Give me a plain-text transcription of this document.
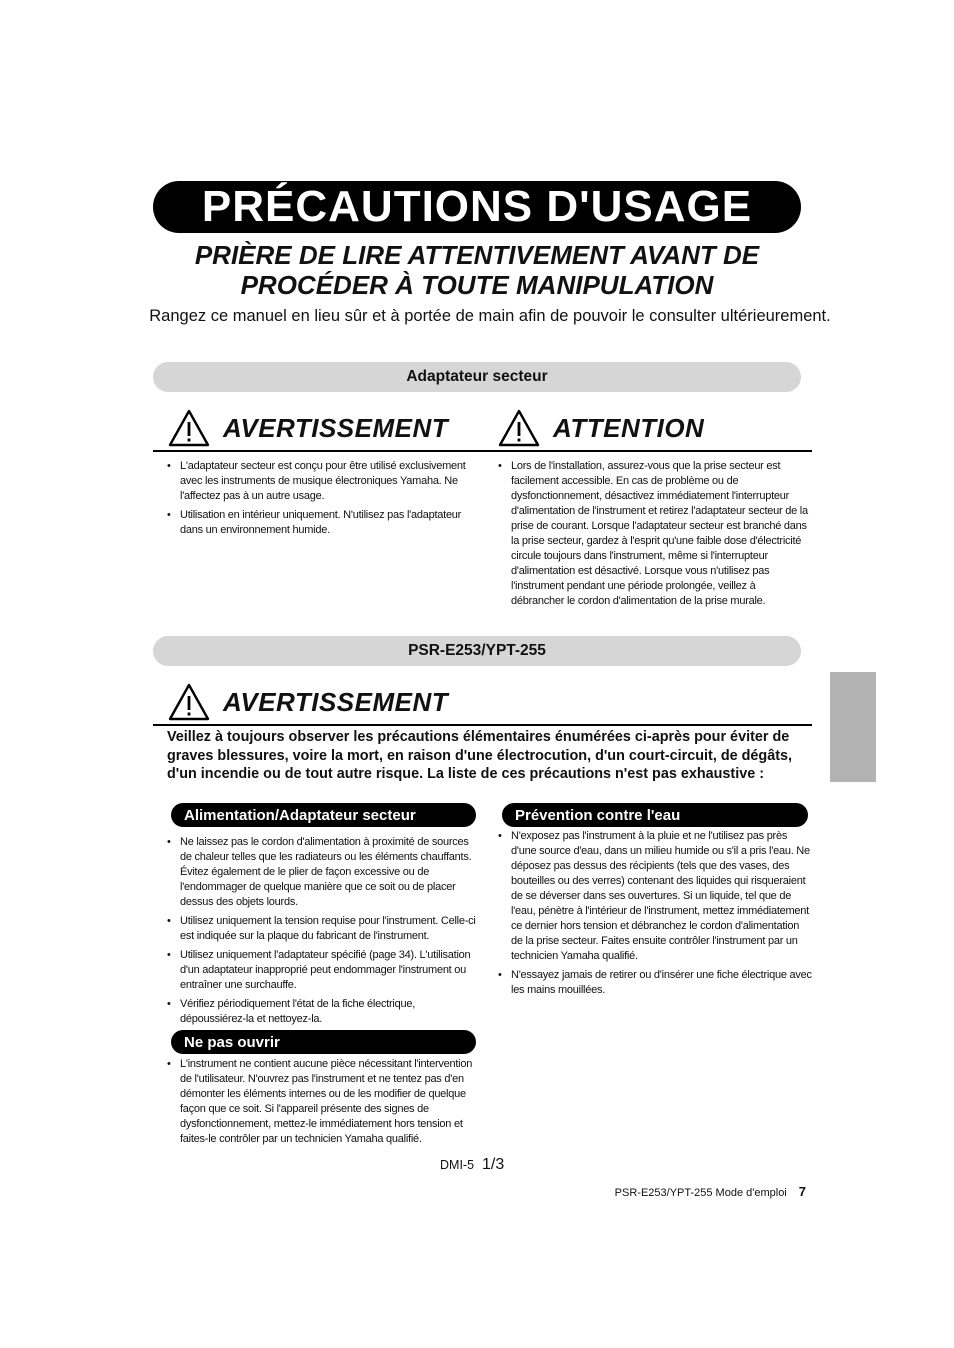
PRÉCAUTIONS D'USAGE
PRIÈRE DE LIRE ATTENTIVEMENT AVANT DE PROCÉDER À TOUTE MANIPULATION
Rangez ce manuel en lieu sûr et à portée de main afin de pouvoir le consulter ultérieurement.
Adaptateur secteur
AVERTISSEMENT	ATTENTION
• L'adaptateur secteur est conçu pour être utilisé exclusivement avec les instruments de musique électroniques Yamaha. Ne l'affectez pas à un autre usage.
• Utilisation en intérieur uniquement. N'utilisez pas l'adaptateur dans un environnement humide.
• Lors de l'installation, assurez-vous que la prise secteur est facilement accessible. En cas de problème ou de dysfonctionnement, désactivez immédiatement l'interrupteur d'alimentation de l'instrument et retirez l'adaptateur secteur de la prise de courant. Lorsque l'adaptateur secteur est branché dans la prise secteur, gardez à l'esprit qu'une faible dose d'électricité circule toujours dans l'instrument, même si l'interrupteur d'alimentation est désactivé. Lorsque vous n'utilisez pas l'instrument pendant une période prolongée, veillez à débrancher le cordon d'alimentation de la prise murale.
PSR-E253/YPT-255
AVERTISSEMENT
Veillez à toujours observer les précautions élémentaires énumérées ci-après pour éviter de graves blessures, voire la mort, en raison d'une électrocution, d'un court-circuit, de dégâts, d'un incendie ou de tout autre risque. La liste de ces précautions n'est pas exhaustive :
Alimentation/Adaptateur secteur
• Ne laissez pas le cordon d'alimentation à proximité de sources de chaleur telles que les radiateurs ou les éléments chauffants. Évitez également de le plier de façon excessive ou de l'endommager de quelque manière que ce soit ou de placer dessus des objets lourds.
• Utilisez uniquement la tension requise pour l'instrument. Celle-ci est indiquée sur la plaque du fabricant de l'instrument.
• Utilisez uniquement l'adaptateur spécifié (page 34). L'utilisation d'un adaptateur inapproprié peut endommager l'instrument ou entraîner une surchauffe.
• Vérifiez périodiquement l'état de la fiche électrique, dépoussiérez-la et nettoyez-la.
Ne pas ouvrir
• L'instrument ne contient aucune pièce nécessitant l'intervention de l'utilisateur. N'ouvrez pas l'instrument et ne tentez pas d'en démonter les éléments internes ou de les modifier de quelque façon que ce soit. Si l'appareil présente des signes de dysfonctionnement, mettez-le immédiatement hors tension et faites-le contrôler par un technicien Yamaha qualifié.
Prévention contre l'eau
• N'exposez pas l'instrument à la pluie et ne l'utilisez pas près d'une source d'eau, dans un milieu humide ou s'il a pris l'eau. Ne déposez pas dessus des récipients (tels que des vases, des bouteilles ou des verres) contenant des liquides qui risqueraient de se déverser dans ses ouvertures. Si un liquide, tel que de l'eau, pénètre à l'intérieur de l'instrument, mettez immédiatement ce dernier hors tension et débranchez le cordon d'alimentation de la prise secteur. Faites ensuite contrôler l'instrument par un technicien Yamaha qualifié.
• N'essayez jamais de retirer ou d'insérer une fiche électrique avec les mains mouillées.
DMI-5 1/3
PSR-E253/YPT-255 Mode d'emploi 7
